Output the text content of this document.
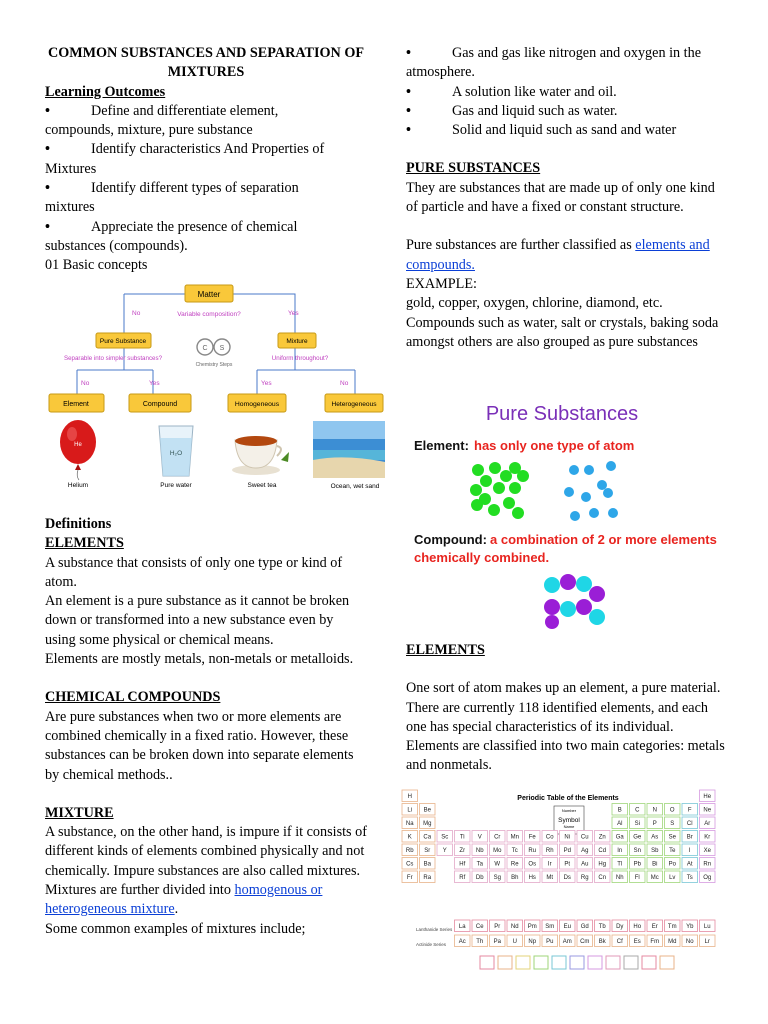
COMMON SUBSTANCES AND SEPARATION OF MIXTURES
Learning Outcomes
•	Define and differentiate element,
compounds, mixture, pure substance
•	Identify characteristics And Properties of
Mixtures
•	Identify different types of separation
mixtures
•	Appreciate the presence of chemical
substances (compounds).
01 Basic concepts
Matter
Variable composition?
No	Yes
Pure Substance	Mixture
Separable into simpler substances?	Uniform throughout?
C S
Chemistry Steps
No	Yes	Yes	No
Element	Compound	Homogeneous	Heterogeneous
He
Helium
H₂O
Pure water	Sweet tea	Ocean, wet sand
Definitions
ELEMENTS
A substance that consists of only one type or kind of atom.
An element is a pure substance as it cannot be broken down or transformed into a new substance even by using some physical or chemical means.
Elements are mostly metals, non-metals or metalloids.
CHEMICAL COMPOUNDS
Are pure substances when two or more elements are combined chemically in a fixed ratio. However, these substances can be broken down into separate elements by chemical methods..
MIXTURE
A substance, on the other hand, is impure if it consists of different kinds of elements combined physically and not chemically. Impure substances are also called mixtures.
Mixtures are further divided into homogenous or heterogeneous mixture.
Some common examples of mixtures include;
•	Gas and gas like nitrogen and oxygen in the
atmosphere.
•	A solution like water and oil.
•	Gas and liquid such as water.
•	Solid and liquid such as sand and water
PURE SUBSTANCES
They are substances that are made up of only one kind of particle and have a fixed or constant structure.
Pure substances are further classified as elements and compounds.
EXAMPLE:
gold, copper, oxygen, chlorine, diamond, etc. Compounds such as water, salt or crystals, baking soda amongst others are also grouped as pure substances
Pure Substances
Element: has only one type of atom
Compound: a combination of 2 or more elements
chemically combined.
ELEMENTS
One sort of atom makes up an element, a pure material. There are currently 118 identified elements, and each one has special characteristics of its individual. Elements are classified into two main categories: metals and nonmetals.
Periodic Table of the Elements
Number
Symbol
Name
H	He
Li Be	B C N O F Ne
Na Mg	Al Si P S Cl Ar
K Ca Sc Ti V Cr Mn Fe Co Ni Cu Zn Ga Ge As Se Br Kr
Rb Sr Y Zr Nb Mo Tc Ru Rh Pd Ag Cd In Sn Sb Te I Xe
Cs Ba	Hf Ta W Re Os Ir Pt Au Hg Tl Pb Bi Po At Rn
Fr Ra	Rf Db Sg Bh Hs Mt Ds Rg Cn Nh Fl Mc Lv Ts Og
La Ce Pr Nd Pm Sm Eu Gd Tb Dy Ho Er Tm Yb Lu
Ac Th Pa U Np Pu Am Cm Bk Cf Es Fm Md No Lr
Lanthanide Series
Actinide Series
